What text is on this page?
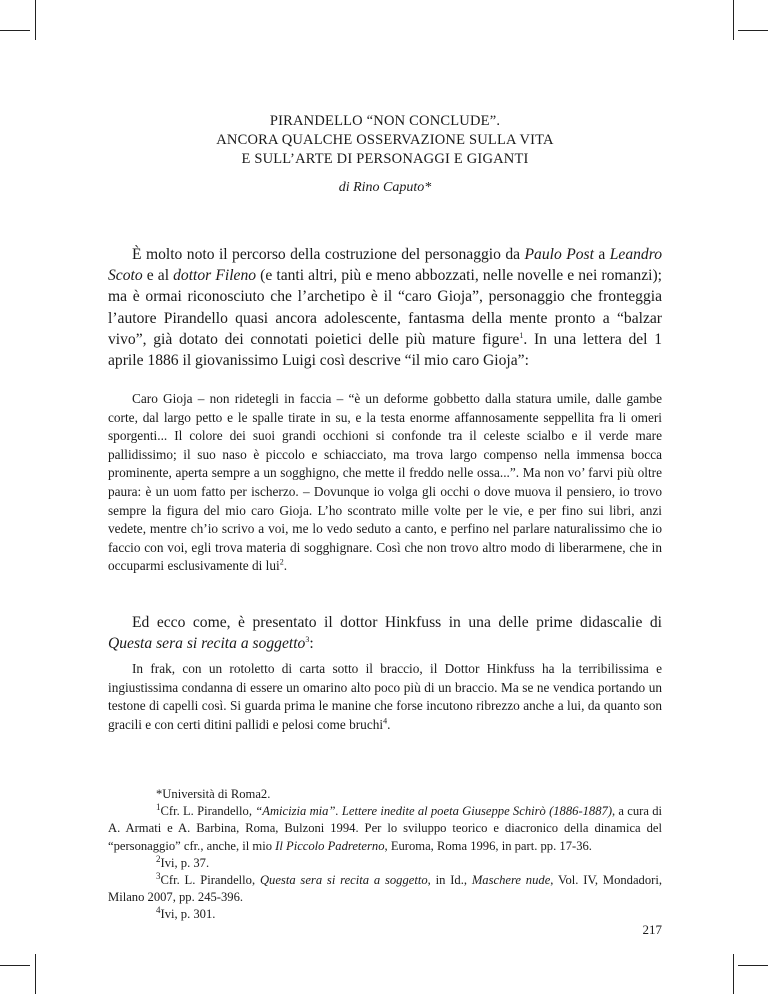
PIRANDELLO “NON CONCLUDE”.
ANCORA QUALCHE OSSERVAZIONE SULLA VITA
E SULL’ARTE DI PERSONAGGI E GIGANTI
di Rino Caputo*

È molto noto il percorso della costruzione del personaggio da Paulo Post a Leandro Scoto e al dottor Fileno (e tanti altri, più e meno abbozzati, nelle novelle e nei romanzi); ma è ormai riconosciuto che l’archetipo è il “caro Gioja”, personaggio che fronteggia l’autore Pirandello quasi ancora adolescente, fantasma della mente pronto a “balzar vivo”, già dotato dei connotati poietici delle più mature figure$^1$. In una lettera del 1 aprile 1886 il giovanissimo Luigi così descrive “il mio caro Gioja”:

Caro Gioja – non ridetegli in faccia – “è un deforme gobbetto dalla statura umile, dalle gambe corte, dal largo petto e le spalle tirate in su, e la testa enorme affannosamente seppellita fra li omeri sporgenti... Il colore dei suoi grandi occhioni si confonde tra il celeste scialbo e il verde mare pallidissimo; il suo naso è piccolo e schiacciato, ma trova largo compenso nella immensa bocca prominente, aperta sempre a un sogghigno, che mette il freddo nelle ossa...”. Ma non vo’ farvi più oltre paura: è un uom fatto per ischerzo. – Dovunque io volga gli occhi o dove muova il pensiero, io trovo sempre la figura del mio caro Gioja. L’ho scontrato mille volte per le vie, e per fino sui libri, anzi vedete, mentre ch’io scrivo a voi, me lo vedo seduto a canto, e perfino nel parlare naturalissimo che io faccio con voi, egli trova materia di sogghignare. Così che non trovo altro modo di liberarmene, che in occuparmi esclusivamente di lui$^2$.

Ed ecco come, è presentato il dottor Hinkfuss in una delle prime didascalie di Questa sera si recita a soggetto$^3$:

In frak, con un rotoletto di carta sotto il braccio, il Dottor Hinkfuss ha la terribilissima e ingiustissima condanna di essere un omarino alto poco più di un braccio. Ma se ne vendica portando un testone di capelli così. Si guarda prima le manine che forse incutono ribrezzo anche a lui, da quanto son gracili e con certi ditini pallidi e pelosi come bruchi$^4$.

*Università di Roma2.

1Cfr. L. Pirandello, “Amicizia mia”. Lettere inedite al poeta Giuseppe Schirò (1886-1887), a cura di A. Armati e A. Barbina, Roma, Bulzoni 1994. Per lo sviluppo teorico e diacronico della dinamica del “personaggio” cfr., anche, il mio Il Piccolo Padreterno, Euroma, Roma 1996, in part. pp. 17-36.

2Ivi, p. 37.

3Cfr. L. Pirandello, Questa sera si recita a soggetto, in Id., Maschere nude, Vol. IV, Mondadori, Milano 2007, pp. 245-396.

4Ivi, p. 301.

217
